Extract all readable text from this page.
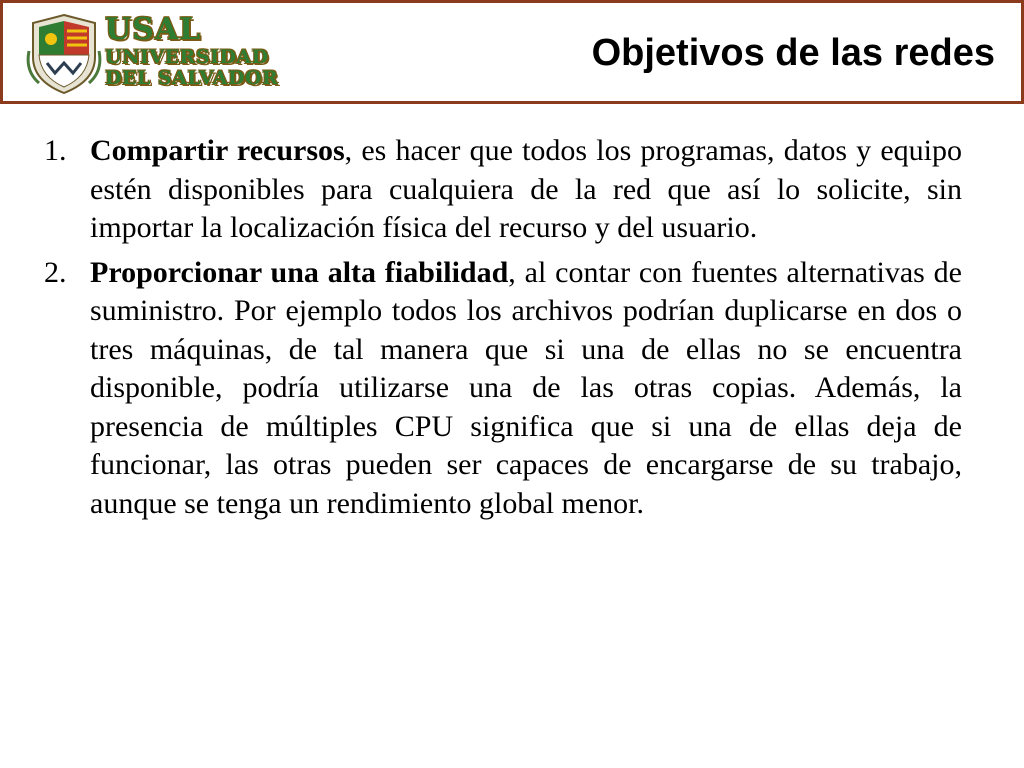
USAL
UNIVERSIDAD
DEL SALVADOR
Objetivos de las redes
1. Compartir recursos, es hacer que todos los programas, datos y equipo estén disponibles para cualquiera de la red que así lo solicite, sin importar la localización física del recurso y del usuario.
2. Proporcionar una alta fiabilidad, al contar con fuentes alternativas de suministro. Por ejemplo todos los archivos podrían duplicarse en dos o tres máquinas, de tal manera que si una de ellas no se encuentra disponible, podría utilizarse una de las otras copias. Además, la presencia de múltiples CPU significa que si una de ellas deja de funcionar, las otras pueden ser capaces de encargarse de su trabajo, aunque se tenga un rendimiento global menor.
